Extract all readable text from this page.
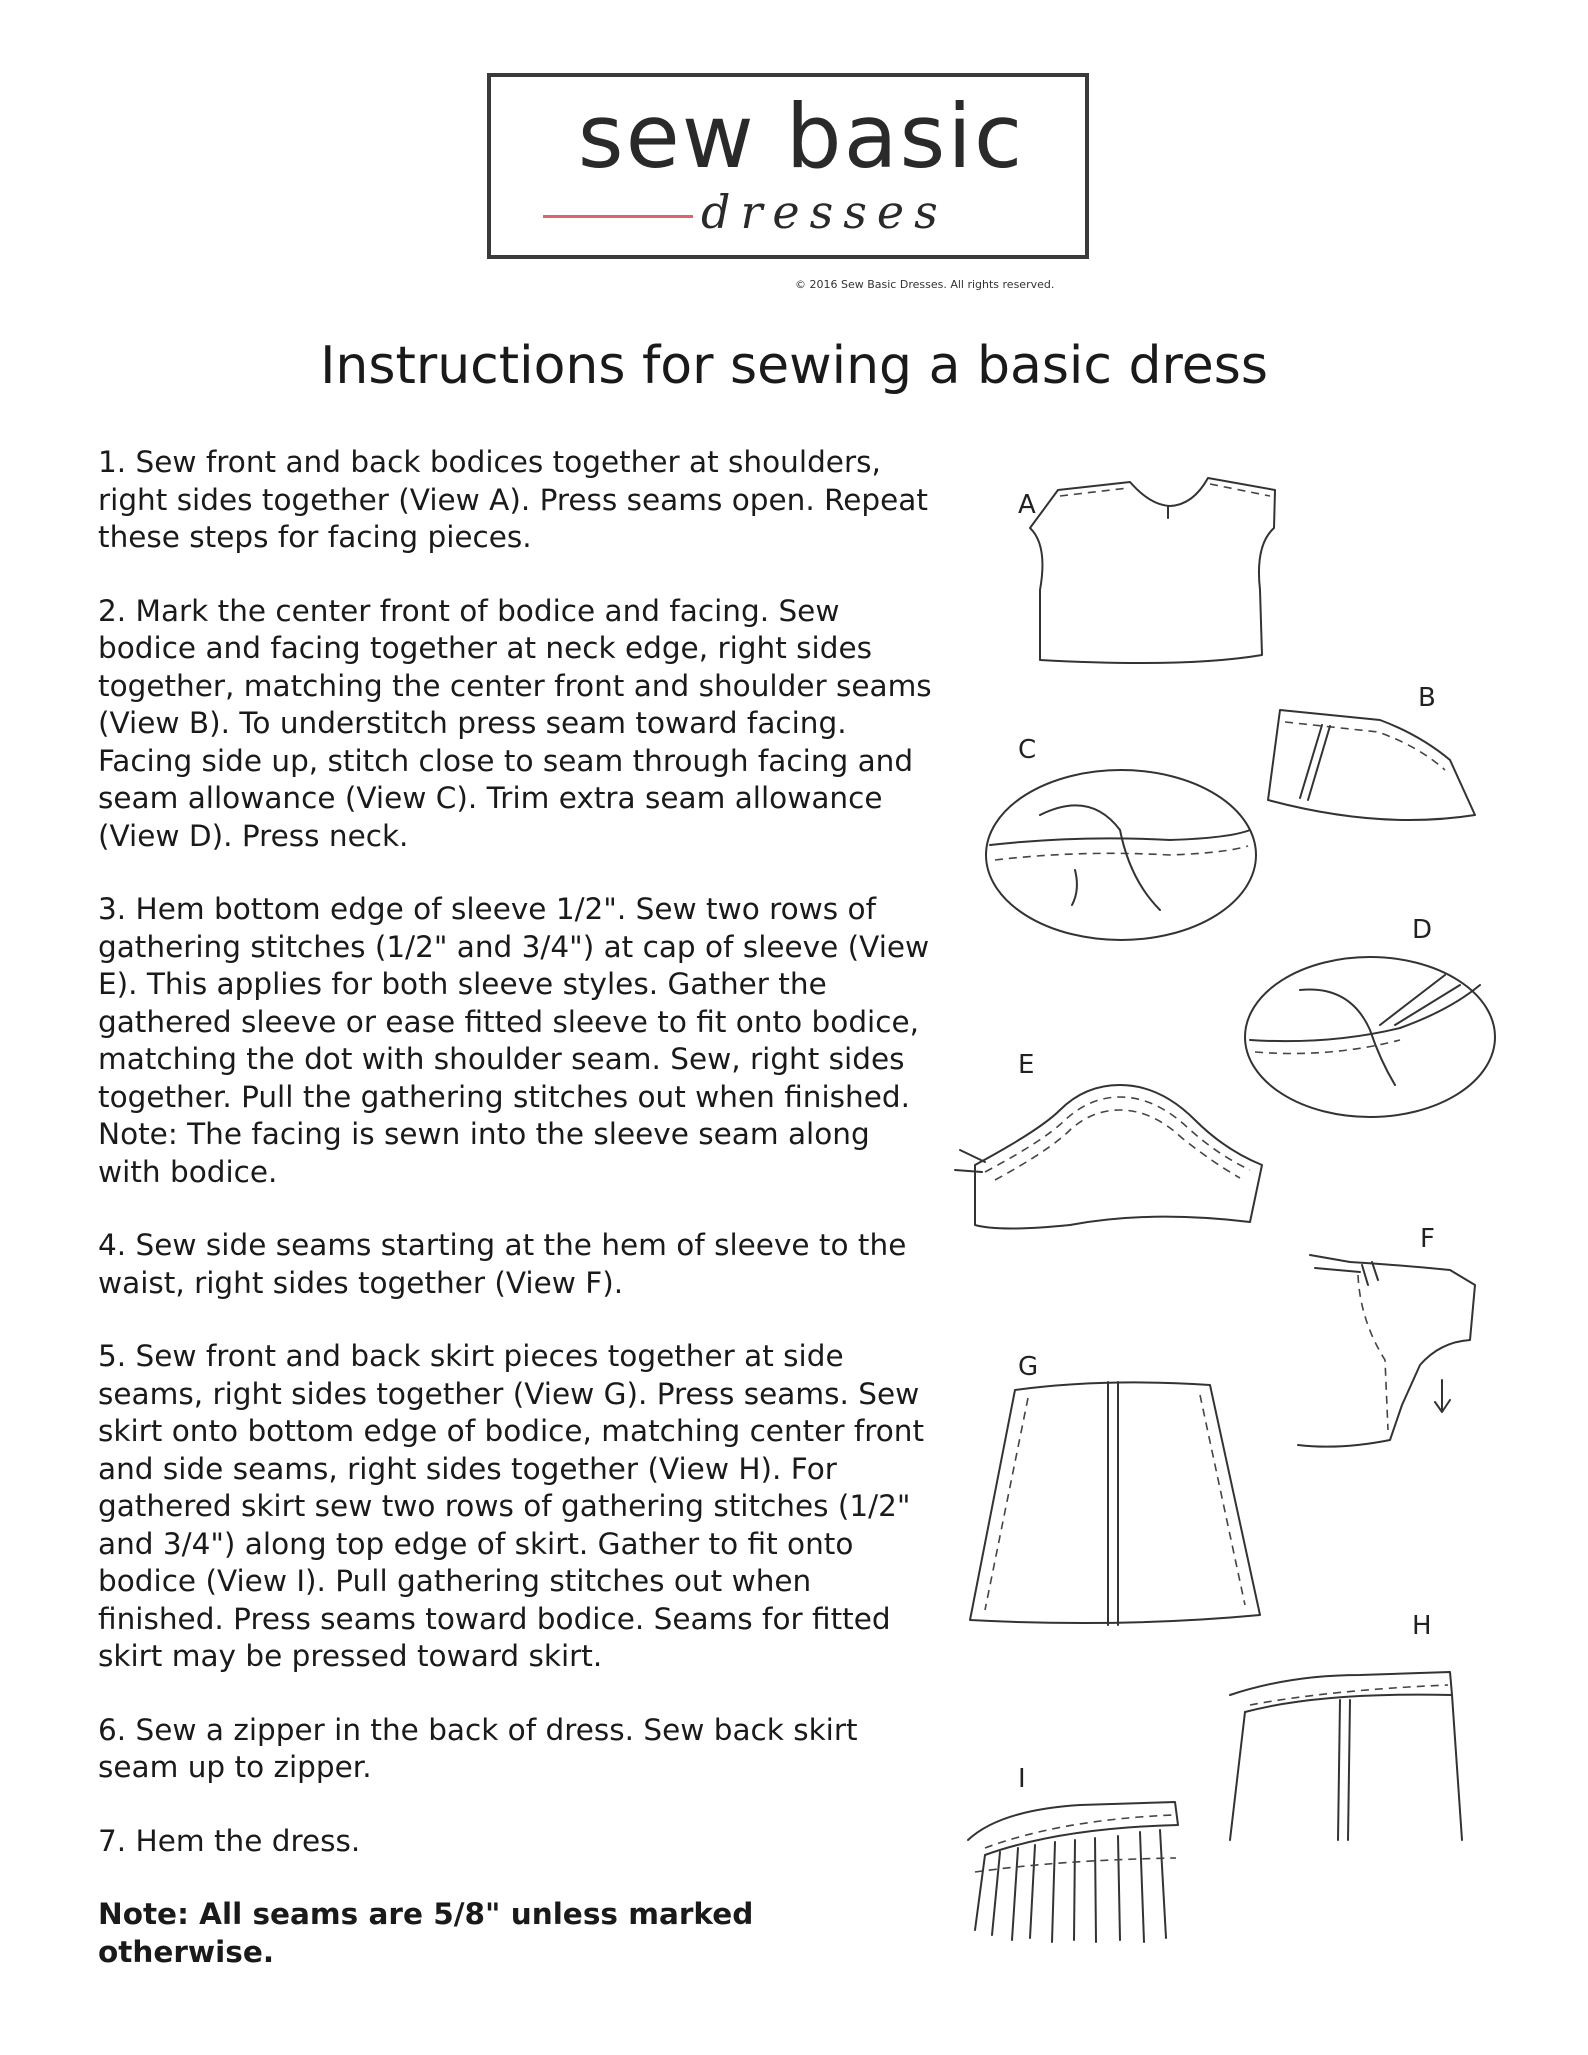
sew basic
dresses
© 2016 Sew Basic Dresses. All rights reserved.
Instructions for sewing a basic dress

1. Sew front and back bodices together at shoulders, right sides together (View A). Press seams open. Repeat these steps for facing pieces.

2. Mark the center front of bodice and facing. Sew bodice and facing together at neck edge, right sides together, matching the center front and shoulder seams (View B). To understitch press seam toward facing. Facing side up, stitch close to seam through facing and seam allowance (View C). Trim extra seam allowance (View D). Press neck.

3. Hem bottom edge of sleeve 1/2". Sew two rows of gathering stitches (1/2" and 3/4") at cap of sleeve (View E). This applies for both sleeve styles. Gather the gathered sleeve or ease fitted sleeve to fit onto bodice, matching the dot with shoulder seam. Sew, right sides together. Pull the gathering stitches out when finished.
Note: The facing is sewn into the sleeve seam along with bodice.

4. Sew side seams starting at the hem of sleeve to the waist, right sides together (View F).

5. Sew front and back skirt pieces together at side seams, right sides together (View G). Press seams. Sew skirt onto bottom edge of bodice, matching center front and side seams, right sides together (View H). For gathered skirt sew two rows of gathering stitches (1/2" and 3/4") along top edge of skirt. Gather to fit onto bodice (View I). Pull gathering stitches out when finished. Press seams toward bodice. Seams for fitted skirt may be pressed toward skirt.

6. Sew a zipper in the back of dress. Sew back skirt seam up to zipper.

7. Hem the dress.

Note: All seams are 5/8" unless marked otherwise.

A
B
C
D
E
F
G
H
I
